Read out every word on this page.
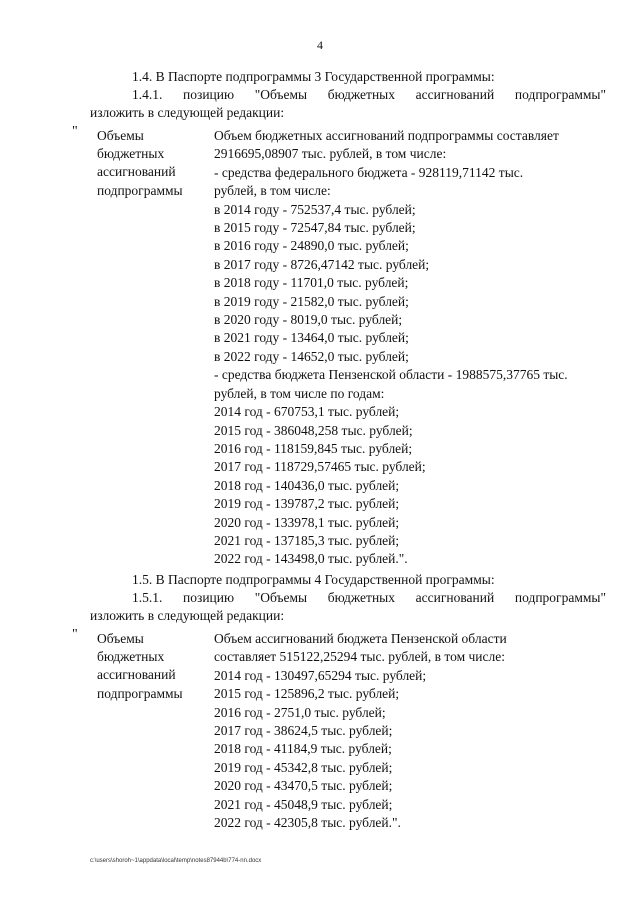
4
1.4. В Паспорте подпрограммы 3 Государственной программы:
1.4.1. позицию "Объемы бюджетных ассигнований подпрограммы"
изложить в следующей редакции:
" Объемы
бюджетных
ассигнований
подпрограммы
Объем бюджетных ассигнований подпрограммы составляет
2916695,08907 тыс. рублей, в том числе:
- средства федерального бюджета - 928119,71142 тыс.
рублей, в том числе:
в 2014 году - 752537,4 тыс. рублей;
в 2015 году - 72547,84 тыс. рублей;
в 2016 году - 24890,0 тыс. рублей;
в 2017 году - 8726,47142 тыс. рублей;
в 2018 году - 11701,0 тыс. рублей;
в 2019 году - 21582,0 тыс. рублей;
в 2020 году - 8019,0 тыс. рублей;
в 2021 году - 13464,0 тыс. рублей;
в 2022 году - 14652,0 тыс. рублей;
- средства бюджета Пензенской области - 1988575,37765 тыс.
рублей, в том числе по годам:
2014 год - 670753,1 тыс. рублей;
2015 год - 386048,258 тыс. рублей;
2016 год - 118159,845 тыс. рублей;
2017 год - 118729,57465 тыс. рублей;
2018 год - 140436,0 тыс. рублей;
2019 год - 139787,2 тыс. рублей;
2020 год - 133978,1 тыс. рублей;
2021 год - 137185,3 тыс. рублей;
2022 год - 143498,0 тыс. рублей.".
1.5. В Паспорте подпрограммы 4 Государственной программы:
1.5.1. позицию "Объемы бюджетных ассигнований подпрограммы"
изложить в следующей редакции:
" Объемы
бюджетных
ассигнований
подпрограммы
Объем ассигнований бюджета Пензенской области
составляет 515122,25294 тыс. рублей, в том числе:
2014 год - 130497,65294 тыс. рублей;
2015 год - 125896,2 тыс. рублей;
2016 год - 2751,0 тыс. рублей;
2017 год - 38624,5 тыс. рублей;
2018 год - 41184,9 тыс. рублей;
2019 год - 45342,8 тыс. рублей;
2020 год - 43470,5 тыс. рублей;
2021 год - 45048,9 тыс. рублей;
2022 год - 42305,8 тыс. рублей.".
c:\users\shoroh~1\appdata\local\temp\notes87944b\774-nn.docx
